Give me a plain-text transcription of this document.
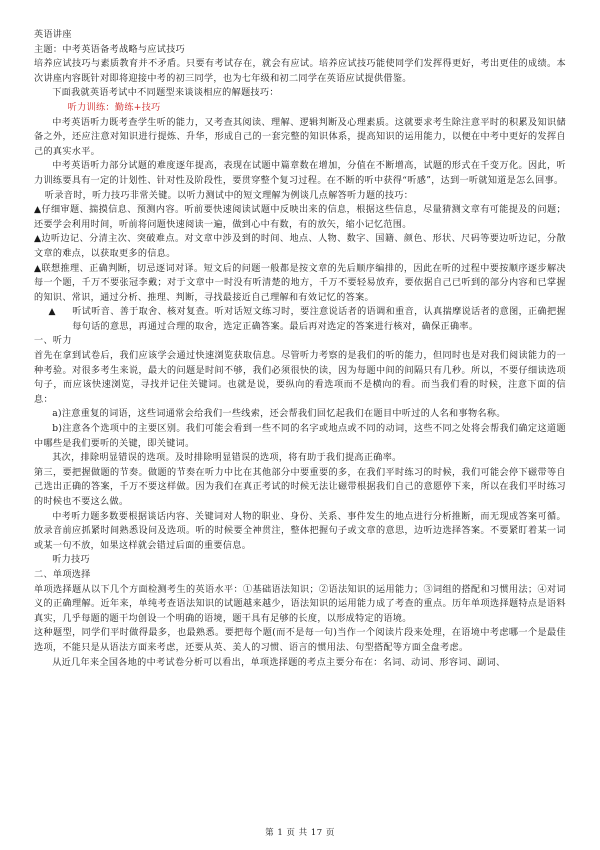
英语讲座

主题：中考英语备考战略与应试技巧

培养应试技巧与素质教育并不矛盾。只要有考试存在，就会有应试。培养应试技巧能使同学们发挥得更好，考出更佳的成绩。本次讲座内容既针对即将迎接中考的初三同学，也为七年级和初二同学在英语应试提供借鉴。

下面我就英语考试中不同题型来谈谈相应的解题技巧：

听力训练：勤练+技巧

中考英语听力既考查学生听的能力，又考查其阅读、理解、逻辑判断及心理素质。这就要求考生除注意平时的积累及知识储备之外，还应注意对知识进行提炼、升华，形成自己的一套完整的知识体系，提高知识的运用能力，以便在中考中更好的发挥自己的真实水平。

中考英语听力部分试题的难度逐年提高，表现在试题中篇章数在增加，分值在不断增高，试题的形式在千变万化。因此，听力训练要具有一定的计划性、针对性及阶段性，要贯穿整个复习过程。在不断的听中获得“听感”，达到一听就知道是怎么回事。

听录音时，听力技巧非常关键。以听力测试中的短文理解为例谈几点解答听力题的技巧：

▲仔细审题、揣摸信息、预测内容。听前要快速阅读试题中反映出来的信息，根据这些信息，尽量猜测文章有可能提及的问题；还要学会利用时间，听前将问题快速阅读一遍，做到心中有数，有的放矢，缩小记忆范围。

▲边听边记、分清主次、突破难点。对文章中涉及到的时间、地点、人物、数字、国籍、颜色、形状、尺码等要边听边记，分散文章的难点，以获取更多的信息。

▲联想推理、正确判断，切忌逐词对译。短文后的问题一般都是按文章的先后顺序编排的，因此在听的过程中要按顺序逐步解决每一个题，千万不要张冠李戴；对于文章中一时没有听清楚的地方，千万不要轻易放弃，要依据自己已听到的部分内容和已掌握的知识、常识，通过分析、推理、判断，寻找最接近自己理解和有效记忆的答案。

▲	听试听音、善于取舍、核对复查。听对话短文练习时，要注意说话者的语调和重音，认真揣摩说话者的意图，正确把握每句话的意思，再通过合理的取舍，选定正确答案。最后再对选定的答案进行核对，确保正确率。

一、听力

首先在拿到试卷后，我们应该学会通过快速浏览获取信息。尽管听力考察的是我们的听的能力，但同时也是对我们阅读能力的一种考验。对很多考生来说，最大的问题是时间不够，我们必须很快的读，因为每题中间的间隔只有几秒。所以，不要仔细读选项句子，而应该快速浏览，寻找并记住关键词。也就是说，要纵向的看选项而不是横向的看。而当我们看的时候，注意下面的信息：

a)注意重复的词语，这些词通常会给我们一些线索，还会帮我们回忆起我们在题目中听过的人名和事物名称。

b)注意各个选项中的主要区别。我们可能会看到一些不同的名字或地点或不同的动词，这些不同之处将会帮我们确定这道题中哪些是我们要听的关键，即关键词。

其次，排除明显错误的选项。及时排除明显错误的选项，将有助于我们提高正确率。

第三，要把握做题的节奏。做题的节奏在听力中比在其他部分中要重要的多，在我们平时练习的时候，我们可能会停下磁带等自己选出正确的答案，千万不要这样做。因为我们在真正考试的时候无法让磁带根据我们自己的意愿停下来，所以在我们平时练习的时候也不要这么做。

中考听力题多数要根据谈话内容、关键词对人物的职业、身份、关系、事件发生的地点进行分析推断，而无现成答案可循。放录音前应抓紧时间熟悉设问及选项。听的时候要全神贯注，整体把握句子或文章的意思，边听边选择答案。不要紧盯着某一词或某一句不放，如果这样就会错过后面的重要信息。

听力技巧

二、单项选择

单项选择题从以下几个方面检测考生的英语水平：①基础语法知识；②语法知识的运用能力；③词组的搭配和习惯用法；④对词义的正确理解。近年来，单纯考查语法知识的试题越来越少，语法知识的运用能力成了考查的重点。历年单项选择题特点是语料真实，几乎每题的题干均创设一个明确的语境，题干具有足够的长度，以形成特定的语境。

这种题型，同学们平时做得最多，也最熟悉。要把每个题(而不是每一句)当作一个阅读片段来处理，在语境中考虑哪一个是最佳选项，不能只是从语法方面来考虑，还要从英、美人的习惯、语言的惯用法、句型搭配等方面全盘考虑。

从近几年来全国各地的中考试卷分析可以看出，单项选择题的考点主要分布在：名词、动词、形容词、副词、

第 1 页 共 17 页
